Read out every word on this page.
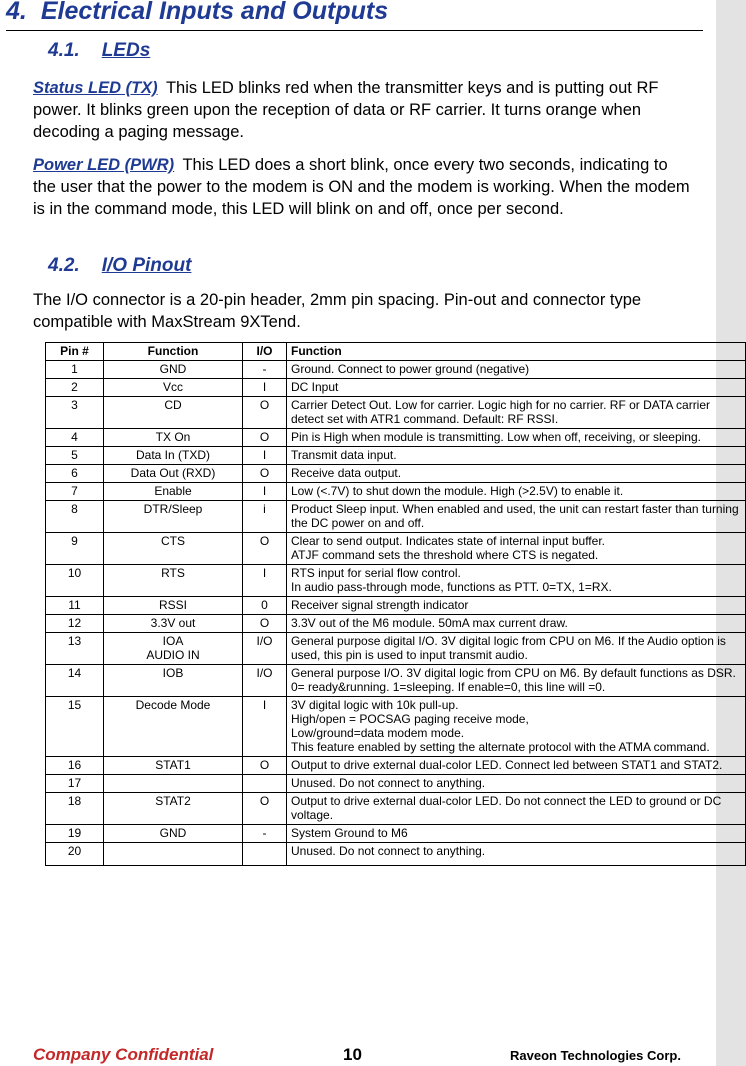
4. Electrical Inputs and Outputs
4.1. LEDs

Status LED (TX) This LED blinks red when the transmitter keys and is putting out RF power. It blinks green upon the reception of data or RF carrier. It turns orange when decoding a paging message.

Power LED (PWR) This LED does a short blink, once every two seconds, indicating to the user that the power to the modem is ON and the modem is working. When the modem is in the command mode, this LED will blink on and off, once per second.

4.2. I/O Pinout

The I/O connector is a 20-pin header, 2mm pin spacing. Pin-out and connector type compatible with MaxStream 9XTend.

Pin #	Function	I/O	Function
1	GND	-	Ground. Connect to power ground (negative)
2	Vcc	I	DC Input
3	CD	O	Carrier Detect Out. Low for carrier. Logic high for no carrier. RF or DATA carrier detect set with ATR1 command. Default: RF RSSI.
4	TX On	O	Pin is High when module is transmitting. Low when off, receiving, or sleeping.
5	Data In (TXD)	I	Transmit data input.
6	Data Out (RXD)	O	Receive data output.
7	Enable	I	Low (<.7V) to shut down the module. High (>2.5V) to enable it.
8	DTR/Sleep	i	Product Sleep input. When enabled and used, the unit can restart faster than turning the DC power on and off.
9	CTS	O	Clear to send output. Indicates state of internal input buffer.
ATJF command sets the threshold where CTS is negated.
10	RTS	I	RTS input for serial flow control.
In audio pass-through mode, functions as PTT. 0=TX, 1=RX.
11	RSSI	0	Receiver signal strength indicator
12	3.3V out	O	3.3V out of the M6 module. 50mA max current draw.
13	IOA
AUDIO IN	I/O	General purpose digital I/O. 3V digital logic from CPU on M6. If the Audio option is used, this pin is used to input transmit audio.
14	IOB	I/O	General purpose I/O. 3V digital logic from CPU on M6. By default functions as DSR. 0= ready&running. 1=sleeping. If enable=0, this line will =0.
15	Decode Mode	I	3V digital logic with 10k pull-up.
High/open = POCSAG paging receive mode,
Low/ground=data modem mode.
This feature enabled by setting the alternate protocol with the ATMA command.
16	STAT1	O	Output to drive external dual-color LED. Connect led between STAT1 and STAT2.
17			Unused. Do not connect to anything.
18	STAT2	O	Output to drive external dual-color LED. Do not connect the LED to ground or DC voltage.
19	GND	-	System Ground to M6
20			Unused. Do not connect to anything.
Company Confidential	10	Raveon Technologies Corp.
